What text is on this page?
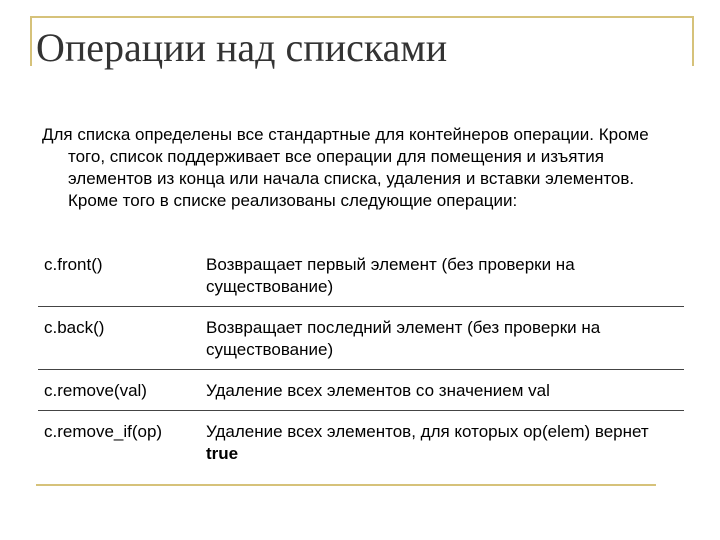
Операции над списками
Для списка определены все стандартные для контейнеров операции. Кроме того, список поддерживает все операции для помещения и изъятия элементов из конца или начала списка, удаления и вставки элементов. Кроме того в списке реализованы следующие операции:
c.front()	Возвращает первый элемент (без проверки на существование)
c.back()	Возвращает последний элемент (без проверки на существование)
c.remove(val)	Удаление всех элементов со значением val
c.remove_if(op)	Удаление всех элементов, для которых op(elem) вернет true
